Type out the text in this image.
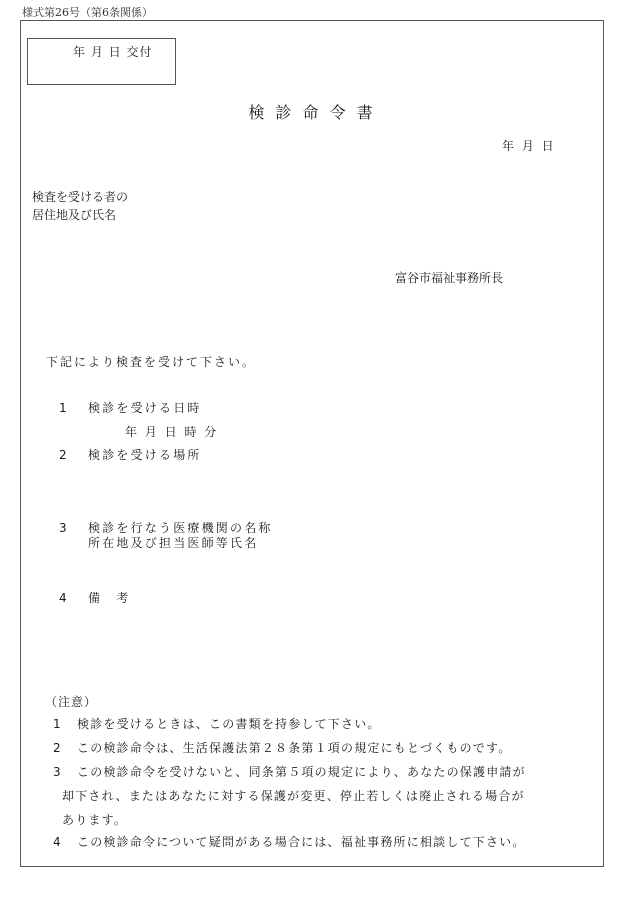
様式第26号（第6条関係）
年 月 日 交付
検 診 命 令 書
年 月 日
検査を受ける者の
居住地及び氏名
富谷市福祉事務所長
下記により検査を受けて下さい。
1 検診を受ける日時
年 月 日 時 分
2 検診を受ける場所
3 検診を行なう医療機関の名称
所在地及び担当医師等氏名
4 備　考
（注意）
1 検診を受けるときは、この書類を持参して下さい。
2 この検診命令は、生活保護法第２８条第１項の規定にもとづくものです。
3 この検診命令を受けないと、同条第５項の規定により、あなたの保護申請が
却下され、またはあなたに対する保護が変更、停止若しくは廃止される場合が
あります。
4 この検診命令について疑問がある場合には、福祉事務所に相談して下さい。
